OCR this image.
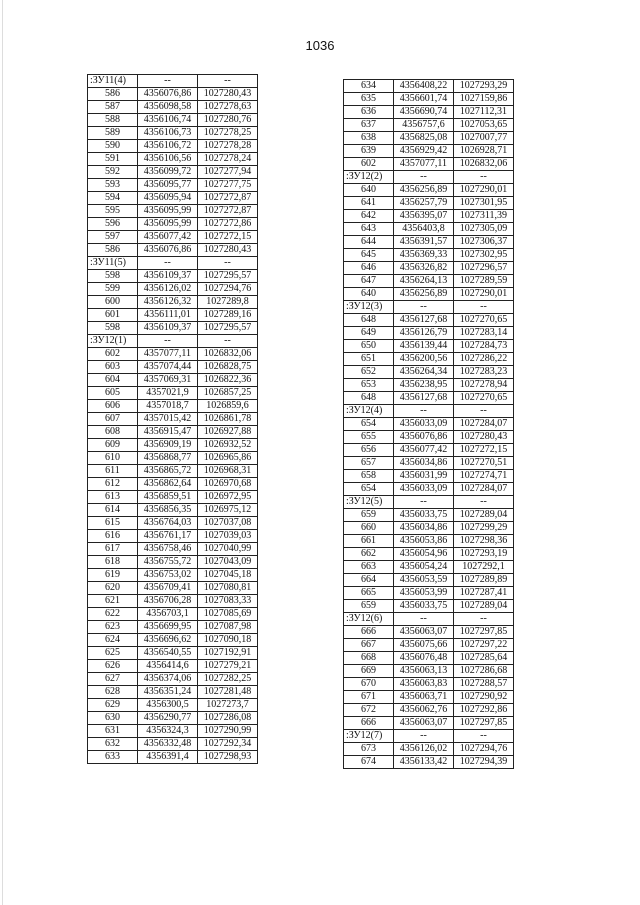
1036
:ЗУ11(4)	--	--
586	4356076,86	1027280,43
587	4356098,58	1027278,63
588	4356106,74	1027280,76
589	4356106,73	1027278,25
590	4356106,72	1027278,28
591	4356106,56	1027278,24
592	4356099,72	1027277,94
593	4356095,77	1027277,75
594	4356095,94	1027272,87
595	4356095,99	1027272,87
596	4356095,99	1027272,86
597	4356077,42	1027272,15
586	4356076,86	1027280,43
:ЗУ11(5)	--	--
598	4356109,37	1027295,57
599	4356126,02	1027294,76
600	4356126,32	1027289,8
601	4356111,01	1027289,16
598	4356109,37	1027295,57
:ЗУ12(1)	--	--
602	4357077,11	1026832,06
603	4357074,44	1026828,75
604	4357069,31	1026822,36
605	4357021,9	1026857,25
606	4357018,7	1026859,6
607	4357015,42	1026861,78
608	4356915,47	1026927,88
609	4356909,19	1026932,52
610	4356868,77	1026965,86
611	4356865,72	1026968,31
612	4356862,64	1026970,68
613	4356859,51	1026972,95
614	4356856,35	1026975,12
615	4356764,03	1027037,08
616	4356761,17	1027039,03
617	4356758,46	1027040,99
618	4356755,72	1027043,09
619	4356753,02	1027045,18
620	4356709,41	1027080,81
621	4356706,28	1027083,33
622	4356703,1	1027085,69
623	4356699,95	1027087,98
624	4356696,62	1027090,18
625	4356540,55	1027192,91
626	4356414,6	1027279,21
627	4356374,06	1027282,25
628	4356351,24	1027281,48
629	4356300,5	1027273,7
630	4356290,77	1027286,08
631	4356324,3	1027290,99
632	4356332,48	1027292,34
633	4356391,4	1027298,93
634	4356408,22	1027293,29
635	4356601,74	1027159,86
636	4356690,74	1027112,31
637	4356757,6	1027053,65
638	4356825,08	1027007,77
639	4356929,42	1026928,71
602	4357077,11	1026832,06
:ЗУ12(2)	--	--
640	4356256,89	1027290,01
641	4356257,79	1027301,95
642	4356395,07	1027311,39
643	4356403,8	1027305,09
644	4356391,57	1027306,37
645	4356369,33	1027302,95
646	4356326,82	1027296,57
647	4356264,13	1027289,59
640	4356256,89	1027290,01
:ЗУ12(3)	--	--
648	4356127,68	1027270,65
649	4356126,79	1027283,14
650	4356139,44	1027284,73
651	4356200,56	1027286,22
652	4356264,34	1027283,23
653	4356238,95	1027278,94
648	4356127,68	1027270,65
:ЗУ12(4)	--	--
654	4356033,09	1027284,07
655	4356076,86	1027280,43
656	4356077,42	1027272,15
657	4356034,86	1027270,51
658	4356031,99	1027274,71
654	4356033,09	1027284,07
:ЗУ12(5)	--	--
659	4356033,75	1027289,04
660	4356034,86	1027299,29
661	4356053,86	1027298,36
662	4356054,96	1027293,19
663	4356054,24	1027292,1
664	4356053,59	1027289,89
665	4356053,99	1027287,41
659	4356033,75	1027289,04
:ЗУ12(6)	--	--
666	4356063,07	1027297,85
667	4356075,66	1027297,22
668	4356076,48	1027285,64
669	4356063,13	1027286,68
670	4356063,83	1027288,57
671	4356063,71	1027290,92
672	4356062,76	1027292,86
666	4356063,07	1027297,85
:ЗУ12(7)	--	--
673	4356126,02	1027294,76
674	4356133,42	1027294,39
